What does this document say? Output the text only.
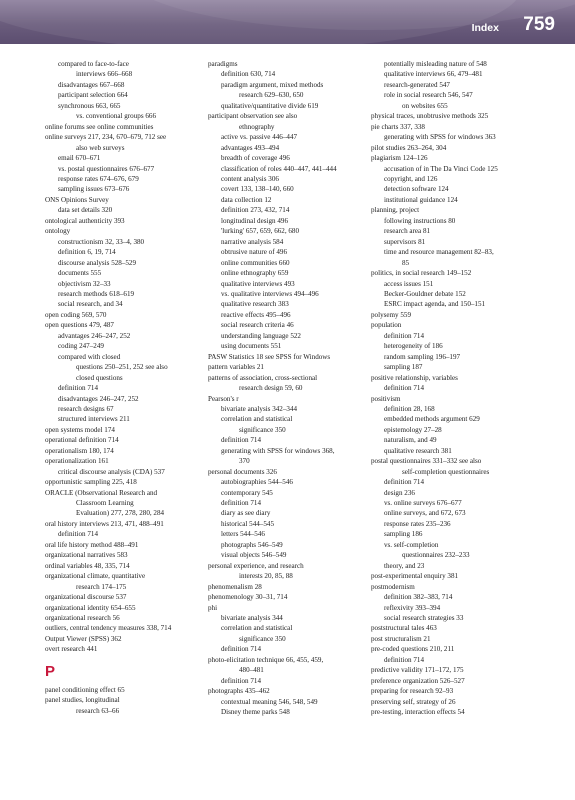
Index 759
compared to face-to-face
interviews 666–668
disadvantages 667–668
participant selection 664
synchronous 663, 665
vs. conventional groups 666
online forums see online communities
online surveys 217, 234, 670–679, 712 see
also web surveys
email 670–671
vs. postal questionnaires 676–677
response rates 674–676, 679
sampling issues 673–676
ONS Opinions Survey
data set details 320
ontological authenticity 393
ontology
constructionism 32, 33–4, 380
definition 6, 19, 714
discourse analysis 528–529
documents 555
objectivism 32–33
research methods 618–619
social research, and 34
open coding 569, 570
open questions 479, 487
advantages 246–247, 252
coding 247–249
compared with closed
questions 250–251, 252 see also
closed questions
definition 714
disadvantages 246–247, 252
research designs 67
structured interviews 211
open systems model 174
operational definition 714
operationalism 180, 174
operationalization 161
critical discourse analysis (CDA) 537
opportunistic sampling 225, 418
ORACLE (Observational Research and
Classroom Learning
Evaluation) 277, 278, 280, 284
oral history interviews 213, 471, 488–491
definition 714
oral life history method 488–491
organizational narratives 583
ordinal variables 48, 335, 714
organizational climate, quantitative
research 174–175
organizational discourse 537
organizational identity 654–655
organizational research 56
outliers, central tendency measures 338, 714
Output Viewer (SPSS) 362
overt research 441
P
panel conditioning effect 65
panel studies, longitudinal
research 63–66
paradigms
definition 630, 714
paradigm argument, mixed methods
research 629–630, 650
qualitative/quantitative divide 619
participant observation see also
ethnography
active vs. passive 446–447
advantages 493–494
breadth of coverage 496
classification of roles 440–447, 441–444
content analysis 306
covert 133, 138–140, 660
data collection 12
definition 273, 432, 714
longitudinal design 496
'lurking' 657, 659, 662, 680
narrative analysis 584
obtrusive nature of 496
online communities 660
online ethnography 659
qualitative interviews 493
vs. qualitative interviews 494–496
qualitative research 383
reactive effects 495–496
social research criteria 46
understanding language 522
using documents 551
PASW Statistics 18 see SPSS for Windows
pattern variables 21
patterns of association, cross-sectional
research design 59, 60
Pearson's r
bivariate analysis 342–344
correlation and statistical
significance 350
definition 714
generating with SPSS for windows 368,
370
personal documents 326
autobiographies 544–546
contemporary 545
definition 714
diary as see diary
historical 544–545
letters 544–546
photographs 546–549
visual objects 546–549
personal experience, and research
interests 20, 85, 88
phenomenalism 28
phenomenology 30–31, 714
phi
bivariate analysis 344
correlation and statistical
significance 350
definition 714
photo-elicitation technique 66, 455, 459,
480–481
definition 714
photographs 435–462
contextual meaning 546, 548, 549
Disney theme parks 548
potentially misleading nature of 548
qualitative interviews 66, 479–481
research-generated 547
role in social research 546, 547
on websites 655
physical traces, unobtrusive methods 325
pie charts 337, 338
generating with SPSS for windows 363
pilot studies 263–264, 304
plagiarism 124–126
accusation of in The Da Vinci Code 125
copyright, and 126
detection software 124
institutional guidance 124
planning, project
following instructions 80
research area 81
supervisors 81
time and resource management 82–83,
85
politics, in social research 149–152
access issues 151
Becker-Gouldner debate 152
ESRC impact agenda, and 150–151
polysemy 559
population
definition 714
heterogeneity of 186
random sampling 196–197
sampling 187
positive relationship, variables
definition 714
positivism
definition 28, 168
embedded methods argument 629
epistemology 27–28
naturalism, and 49
qualitative research 381
postal questionnaires 331–332 see also
self-completion questionnaires
definition 714
design 236
vs. online surveys 676–677
online surveys, and 672, 673
response rates 235–236
sampling 186
vs. self-completion
questionnaires 232–233
theory, and 23
post-experimental enquiry 381
postmodernism
definition 382–383, 714
reflexivity 393–394
social research strategies 33
poststructural tales 463
post structuralism 21
pre-coded questions 210, 211
definition 714
predictive validity 171–172, 175
preference organization 526–527
preparing for research 92–93
preserving self, strategy of 26
pre-testing, interaction effects 54
